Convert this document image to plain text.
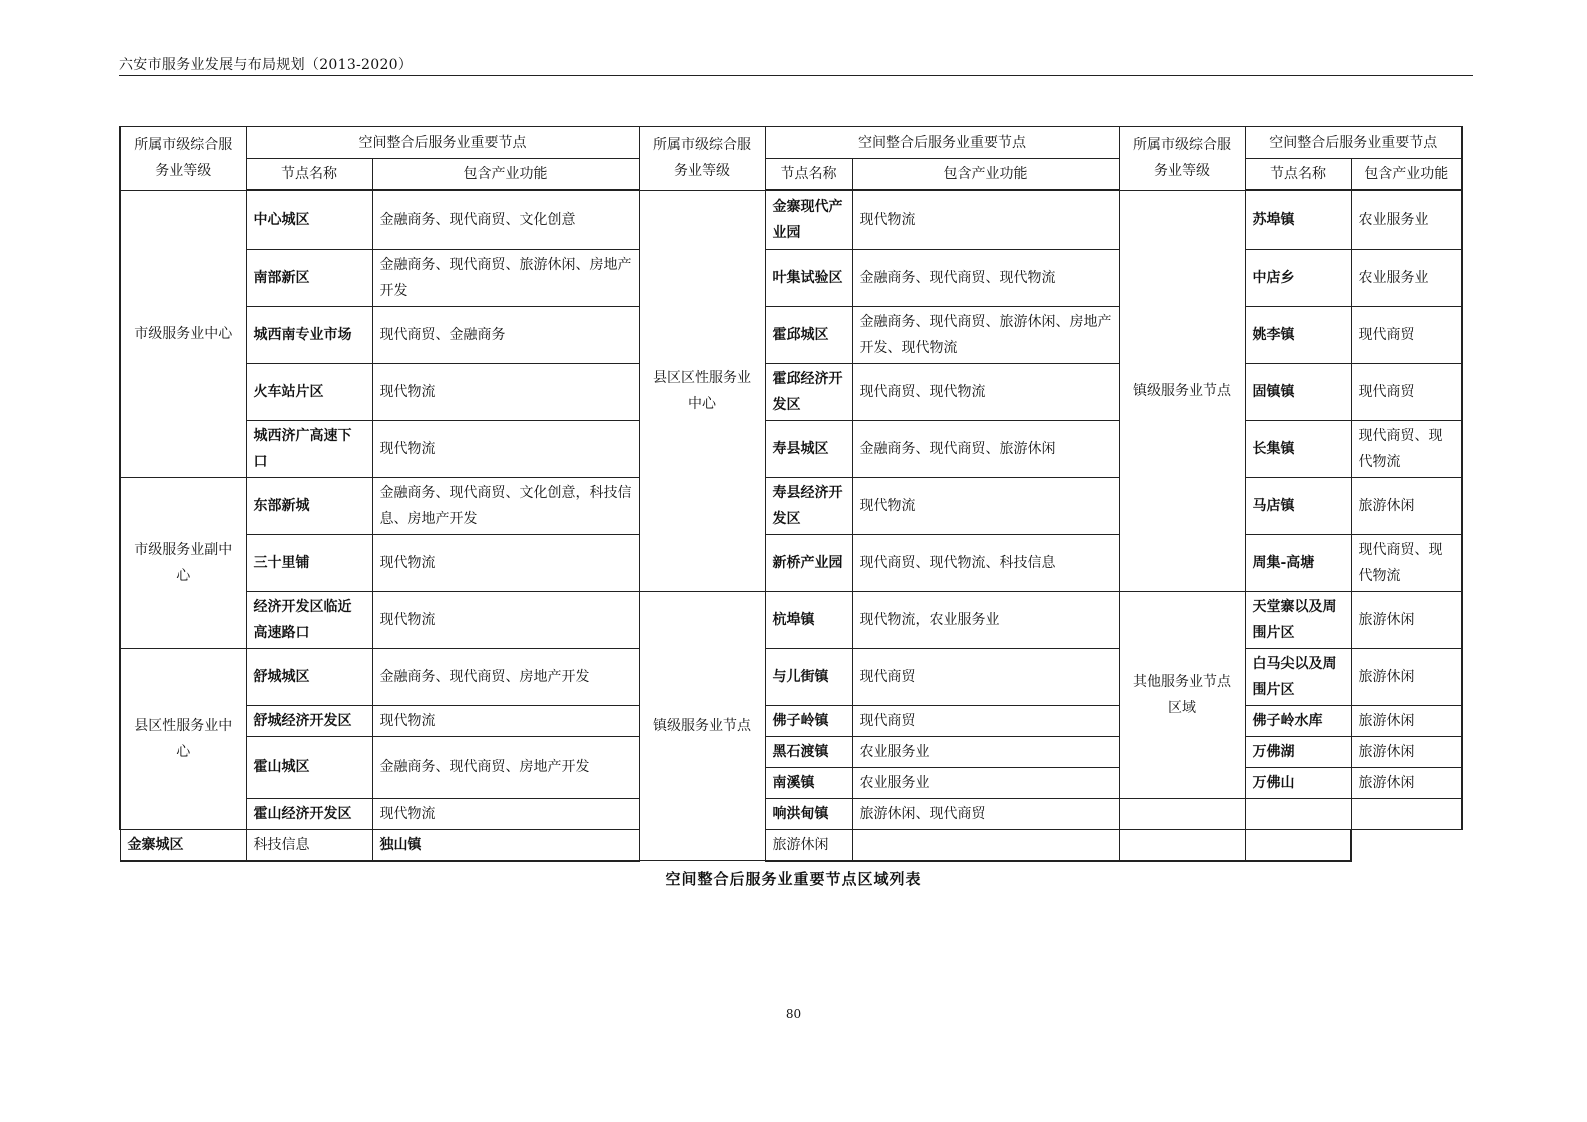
六安市服务业发展与布局规划（2013-2020）
所属市级综合服务业等级	空间整合后服务业重要节点		所属市级综合服务业等级	空间整合后服务业重要节点		所属市级综合服务业等级	空间整合后服务业重要节点	
	节点名称	包含产业功能		节点名称	包含产业功能		节点名称	包含产业功能
市级服务业中心	中心城区	金融商务、现代商贸、文化创意	县区区性服务业中心	金寨现代产业园	现代物流	镇级服务业节点	苏埠镇	农业服务业
	南部新区	金融商务、现代商贸、旅游休闲、房地产开发		叶集试验区	金融商务、现代商贸、现代物流		中店乡	农业服务业
	城西南专业市场	现代商贸、金融商务		霍邱城区	金融商务、现代商贸、旅游休闲、房地产开发、现代物流		姚李镇	现代商贸
	火车站片区	现代物流		霍邱经济开发区	现代商贸、现代物流		固镇镇	现代商贸
	城西济广高速下口	现代物流		寿县城区	金融商务、现代商贸、旅游休闲		长集镇	现代商贸、现代物流
市级服务业副中心	东部新城	金融商务、现代商贸、文化创意，科技信息、房地产开发		寿县经济开发区	现代物流		马店镇	旅游休闲
	三十里铺	现代物流		新桥产业园	现代商贸、现代物流、科技信息		周集-高塘	现代商贸、现代物流
	经济开发区临近高速路口	现代物流	镇级服务业节点	杭埠镇	现代物流，农业服务业	其他服务业节点区域	天堂寨以及周围片区	旅游休闲
县区性服务业中心	舒城城区	金融商务、现代商贸、房地产开发		与儿街镇	现代商贸		白马尖以及周围片区	旅游休闲
	舒城经济开发区	现代物流		佛子岭镇	现代商贸		佛子岭水库	旅游休闲
	霍山城区	金融商务、现代商贸、房地产开发		黑石渡镇	农业服务业		万佛湖	旅游休闲
				南溪镇	农业服务业		万佛山	旅游休闲
	霍山经济开发区	现代物流		响洪甸镇	旅游休闲、现代商贸			
金寨城区	科技信息	独山镇		旅游休闲				
空间整合后服务业重要节点区域列表
80
